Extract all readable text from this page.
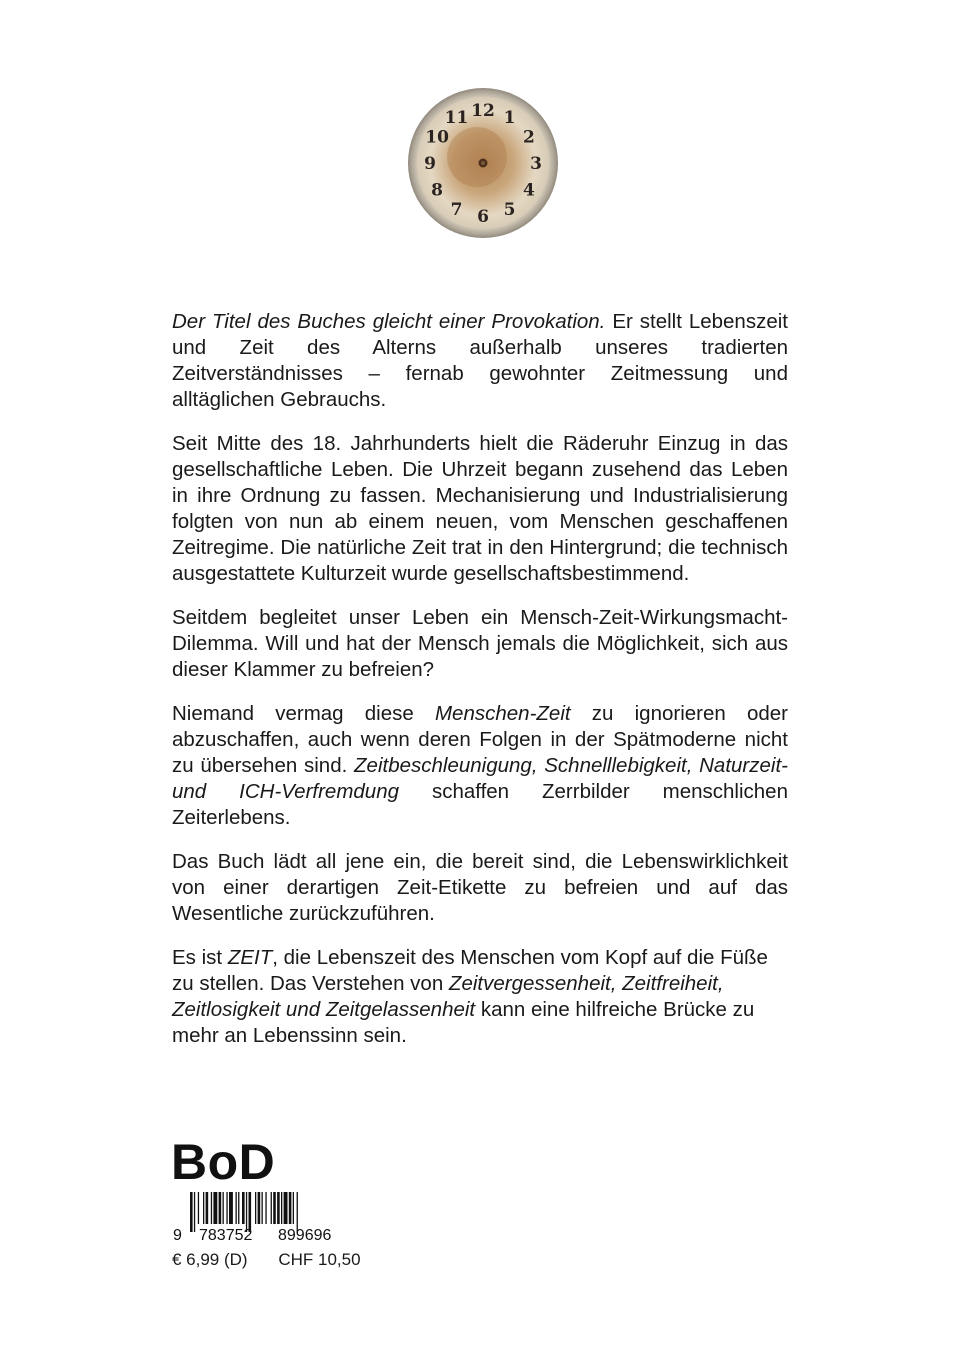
12 1
2
3
4
5
6
7
8
9
10
11

Der Titel des Buches gleicht einer Provokation. Er stellt Lebenszeit und Zeit des Alterns außerhalb unseres tradierten Zeitverständnisses – fernab gewohnter Zeitmessung und alltäglichen Gebrauchs.

Seit Mitte des 18. Jahrhunderts hielt die Räderuhr Einzug in das gesellschaftliche Leben. Die Uhrzeit begann zusehend das Leben in ihre Ordnung zu fassen. Mechanisierung und Industrialisierung folgten von nun ab einem neuen, vom Menschen geschaffenen Zeitregime. Die natürliche Zeit trat in den Hintergrund; die technisch ausgestattete Kulturzeit wurde gesellschaftsbestimmend.

Seitdem begleitet unser Leben ein Mensch-Zeit-Wirkungsmacht-Dilemma. Will und hat der Mensch jemals die Möglichkeit, sich aus dieser Klammer zu befreien?

Niemand vermag diese Menschen-Zeit zu ignorieren oder abzuschaffen, auch wenn deren Folgen in der Spätmoderne nicht zu übersehen sind. Zeitbeschleunigung, Schnelllebigkeit, Naturzeit- und ICH-Verfremdung schaffen Zerrbilder menschlichen Zeiterlebens.

Das Buch lädt all jene ein, die bereit sind, die Lebenswirklichkeit von einer derartigen Zeit-Etikette zu befreien und auf das Wesentliche zurückzuführen.

Es ist ZEIT, die Lebenszeit des Menschen vom Kopf auf die Füße zu stellen. Das Verstehen von Zeitvergessenheit, Zeitfreiheit, Zeitlosigkeit und Zeitgelassenheit kann eine hilfreiche Brücke zu mehr an Lebenssinn sein.

BoD
9 783752 899696
€ 6,99 (D) CHF 10,50
